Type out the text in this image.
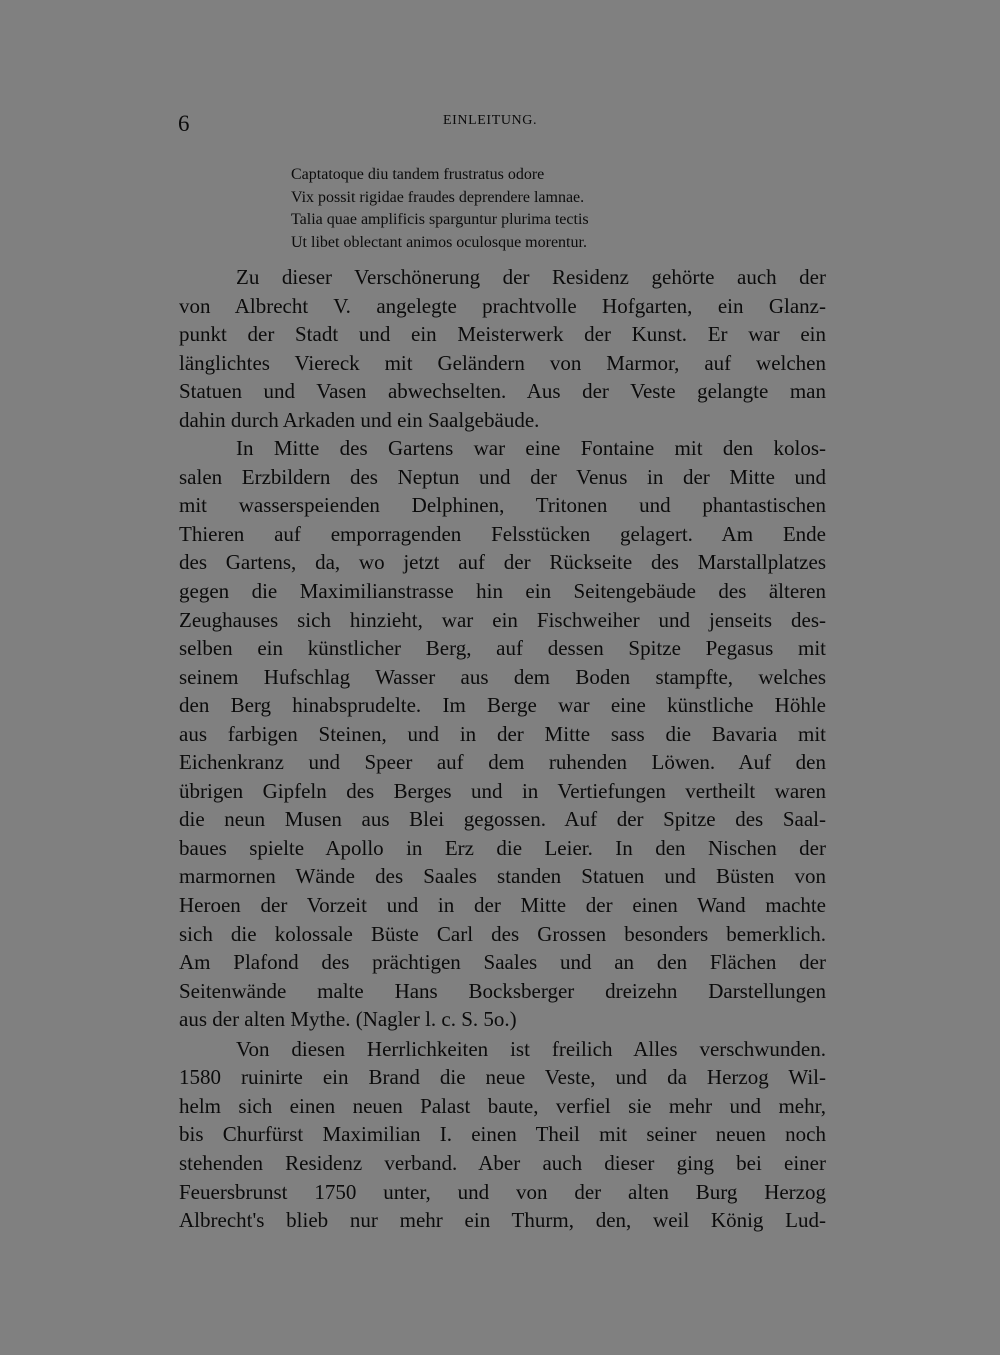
6	EINLEITUNG.
Captatoque diu tandem frustratus odore
Vix possit rigidae fraudes deprendere lamnae.
Talia quae amplificis sparguntur plurima tectis
Ut libet oblectant animos oculosque morentur.
Zu dieser Verschönerung der Residenz gehörte auch der
von Albrecht V. angelegte prachtvolle Hofgarten, ein Glanz-
punkt der Stadt und ein Meisterwerk der Kunst. Er war ein
länglichtes Viereck mit Geländern von Marmor, auf welchen
Statuen und Vasen abwechselten. Aus der Veste gelangte man
dahin durch Arkaden und ein Saalgebäude.
In Mitte des Gartens war eine Fontaine mit den kolos-
salen Erzbildern des Neptun und der Venus in der Mitte und
mit wasserspeienden Delphinen, Tritonen und phantastischen
Thieren auf emporragenden Felsstücken gelagert. Am Ende
des Gartens, da, wo jetzt auf der Rückseite des Marstallplatzes
gegen die Maximilianstrasse hin ein Seitengebäude des älteren
Zeughauses sich hinzieht, war ein Fischweiher und jenseits des-
selben ein künstlicher Berg, auf dessen Spitze Pegasus mit
seinem Hufschlag Wasser aus dem Boden stampfte, welches
den Berg hinabsprudelte. Im Berge war eine künstliche Höhle
aus farbigen Steinen, und in der Mitte sass die Bavaria mit
Eichenkranz und Speer auf dem ruhenden Löwen. Auf den
übrigen Gipfeln des Berges und in Vertiefungen vertheilt waren
die neun Musen aus Blei gegossen. Auf der Spitze des Saal-
baues spielte Apollo in Erz die Leier. In den Nischen der
marmornen Wände des Saales standen Statuen und Büsten von
Heroen der Vorzeit und in der Mitte der einen Wand machte
sich die kolossale Büste Carl des Grossen besonders bemerklich.
Am Plafond des prächtigen Saales und an den Flächen der
Seitenwände malte Hans Bocksberger dreizehn Darstellungen
aus der alten Mythe. (Nagler l. c. S. 5o.)
Von diesen Herrlichkeiten ist freilich Alles verschwunden.
1580 ruinirte ein Brand die neue Veste, und da Herzog Wil-
helm sich einen neuen Palast baute, verfiel sie mehr und mehr,
bis Churfürst Maximilian I. einen Theil mit seiner neuen noch
stehenden Residenz verband. Aber auch dieser ging bei einer
Feuersbrunst 1750 unter, und von der alten Burg Herzog
Albrecht's blieb nur mehr ein Thurm, den, weil König Lud-
